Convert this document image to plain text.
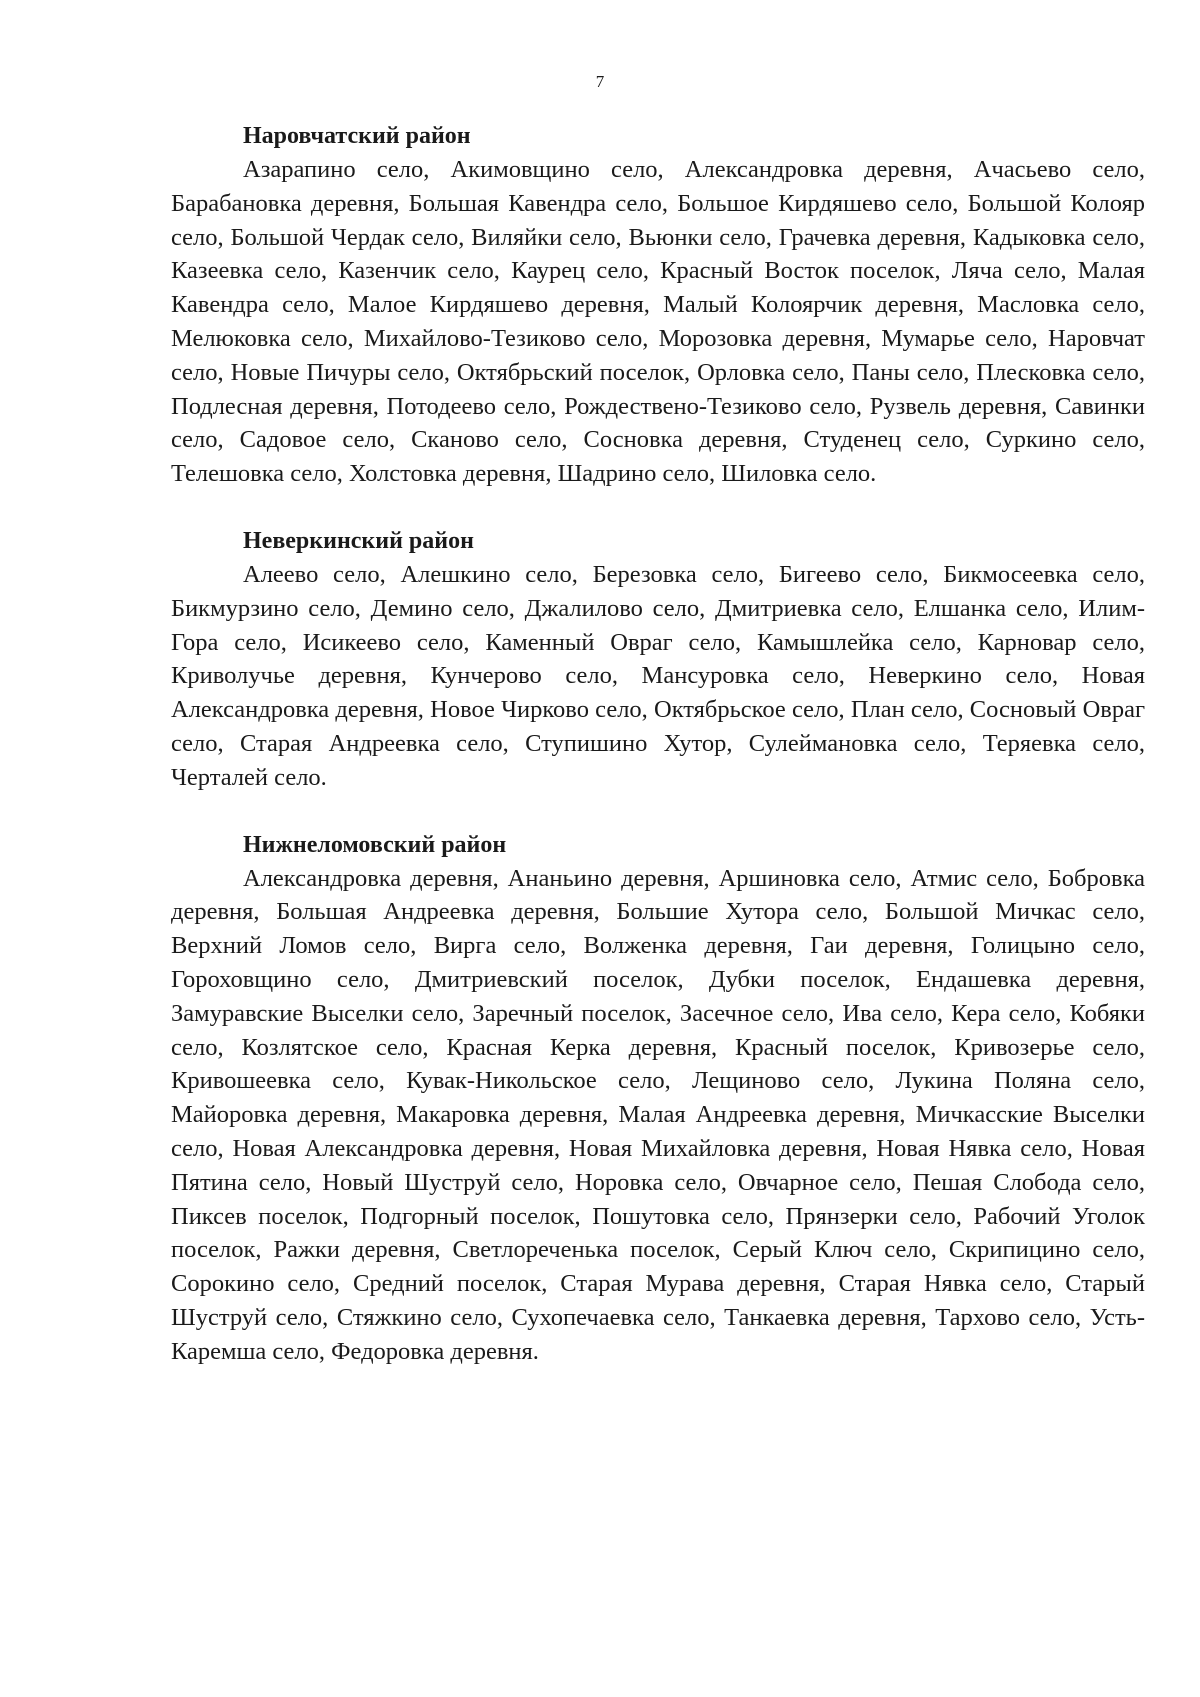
7

Наровчатский район

Азарапино село, Акимовщино село, Александровка деревня, Ачасьево село, Барабановка деревня, Большая Кавендра село, Большое Кирдяшево село, Большой Колояр село, Большой Чердак село, Виляйки село, Вьюнки село, Грачевка деревня, Кадыковка село, Казеевка село, Казенчик село, Каурец село, Красный Восток поселок, Ляча село, Малая Кавендра село, Малое Кирдяшево деревня, Малый Колоярчик деревня, Масловка село, Мелюковка село, Михайлово-Тезиково село, Морозовка деревня, Мумарье село, Наровчат село, Новые Пичуры село, Октябрьский поселок, Орловка село, Паны село, Плесковка село, Подлесная деревня, Потодеево село, Рождествено-Тезиково село, Рузвель деревня, Савинки село, Садовое село, Сканово село, Сосновка деревня, Студенец село, Суркино село, Телешовка село, Холстовка деревня, Шадрино село, Шиловка село.

Неверкинский район

Алеево село, Алешкино село, Березовка село, Бигеево село, Бикмосеевка село, Бикмурзино село, Демино село, Джалилово село, Дмитриевка село, Елшанка село, Илим-Гора село, Исикеево село, Каменный Овраг село, Камышлейка село, Карновар село, Криволучье деревня, Кунчерово село, Мансуровка село, Неверкино село, Новая Александровка деревня, Новое Чирково село, Октябрьское село, План село, Сосновый Овраг село, Старая Андреевка село, Ступишино Хутор, Сулеймановка село, Теряевка село, Черталей село.

Нижнеломовский район

Александровка деревня, Ананьино деревня, Аршиновка село, Атмис село, Бобровка деревня, Большая Андреевка деревня, Большие Хутора село, Большой Мичкас село, Верхний Ломов село, Вирга село, Волженка деревня, Гаи деревня, Голицыно село, Гороховщино село, Дмитриевский поселок, Дубки поселок, Ендашевка деревня, Замуравские Выселки село, Заречный поселок, Засечное село, Ива село, Кера село, Кобяки село, Козлятское село, Красная Керка деревня, Красный поселок, Кривозерье село, Кривошеевка село, Кувак-Никольское село, Лещиново село, Лукина Поляна село, Майоровка деревня, Макаровка деревня, Малая Андреевка деревня, Мичкасские Выселки село, Новая Александровка деревня, Новая Михайловка деревня, Новая Нявка село, Новая Пятина село, Новый Шуструй село, Норовка село, Овчарное село, Пешая Слобода село, Пиксев поселок, Подгорный поселок, Пошутовка село, Прянзерки село, Рабочий Уголок поселок, Ражки деревня, Светлореченька поселок, Серый Ключ село, Скрипицино село, Сорокино село, Средний поселок, Старая Мурава деревня, Старая Нявка село, Старый Шуструй село, Стяжкино село, Сухопечаевка село, Танкаевка деревня, Тархово село, Усть-Каремша село, Федоровка деревня.
